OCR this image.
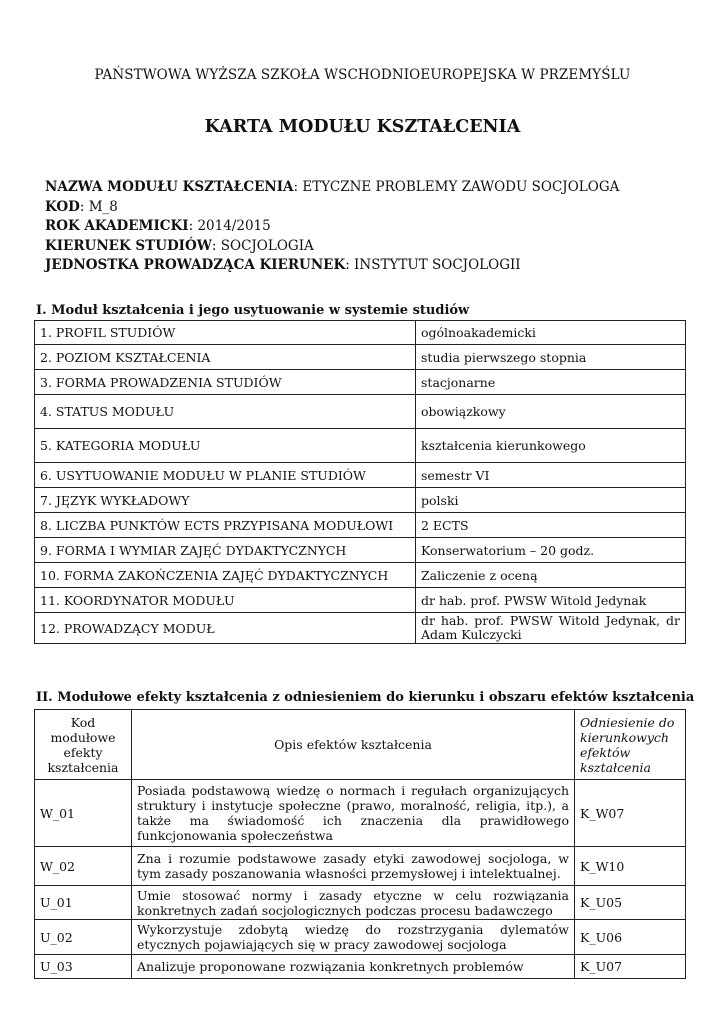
PAŃSTWOWA WYŻSZA SZKOŁA WSCHODNIOEUROPEJSKA W PRZEMYŚLU
KARTA MODUŁU KSZTAŁCENIA
NAZWA MODUŁU KSZTAŁCENIA: ETYCZNE PROBLEMY ZAWODU SOCJOLOGA
KOD: M_8
ROK AKADEMICKI: 2014/2015
KIERUNEK STUDIÓW: SOCJOLOGIA
JEDNOSTKA PROWADZĄCA KIERUNEK: INSTYTUT SOCJOLOGII
I. Moduł kształcenia i jego usytuowanie w systemie studiów
1. PROFIL STUDIÓW	ogólnoakademicki
2. POZIOM KSZTAŁCENIA	studia pierwszego stopnia
3. FORMA PROWADZENIA STUDIÓW	stacjonarne
4. STATUS MODUŁU	obowiązkowy
5. KATEGORIA MODUŁU	kształcenia kierunkowego
6. USYTUOWANIE MODUŁU W PLANIE STUDIÓW	semestr VI
7. JĘZYK WYKŁADOWY	polski
8. LICZBA PUNKTÓW ECTS PRZYPISANA MODUŁOWI	2 ECTS
9. FORMA I WYMIAR ZAJĘĆ DYDAKTYCZNYCH	Konserwatorium – 20 godz.
10. FORMA ZAKOŃCZENIA ZAJĘĆ DYDAKTYCZNYCH	Zaliczenie z oceną
11. KOORDYNATOR MODUŁU	dr hab. prof. PWSW Witold Jedynak
12. PROWADZĄCY MODUŁ	dr hab. prof. PWSW Witold Jedynak, dr Adam Kulczycki
II. Modułowe efekty kształcenia z odniesieniem do kierunku i obszaru efektów kształcenia
Kod modułowe efekty kształcenia	Opis efektów kształcenia	Odniesienie do kierunkowych efektów kształcenia
W_01	Posiada podstawową wiedzę o normach i regułach organizujących struktury i instytucje społeczne (prawo, moralność, religia, itp.), a także ma świadomość ich znaczenia dla prawidłowego funkcjonowania społeczeństwa	K_W07
W_02	Zna i rozumie podstawowe zasady etyki zawodowej socjologa, w tym zasady poszanowania własności przemysłowej i intelektualnej.	K_W10
U_01	Umie stosować normy i zasady etyczne w celu rozwiązania konkretnych zadań socjologicznych podczas procesu badawczego	K_U05
U_02	Wykorzystuje zdobytą wiedzę do rozstrzygania dylematów etycznych pojawiających się w pracy zawodowej socjologa	K_U06
U_03	Analizuje proponowane rozwiązania konkretnych problemów	K_U07
